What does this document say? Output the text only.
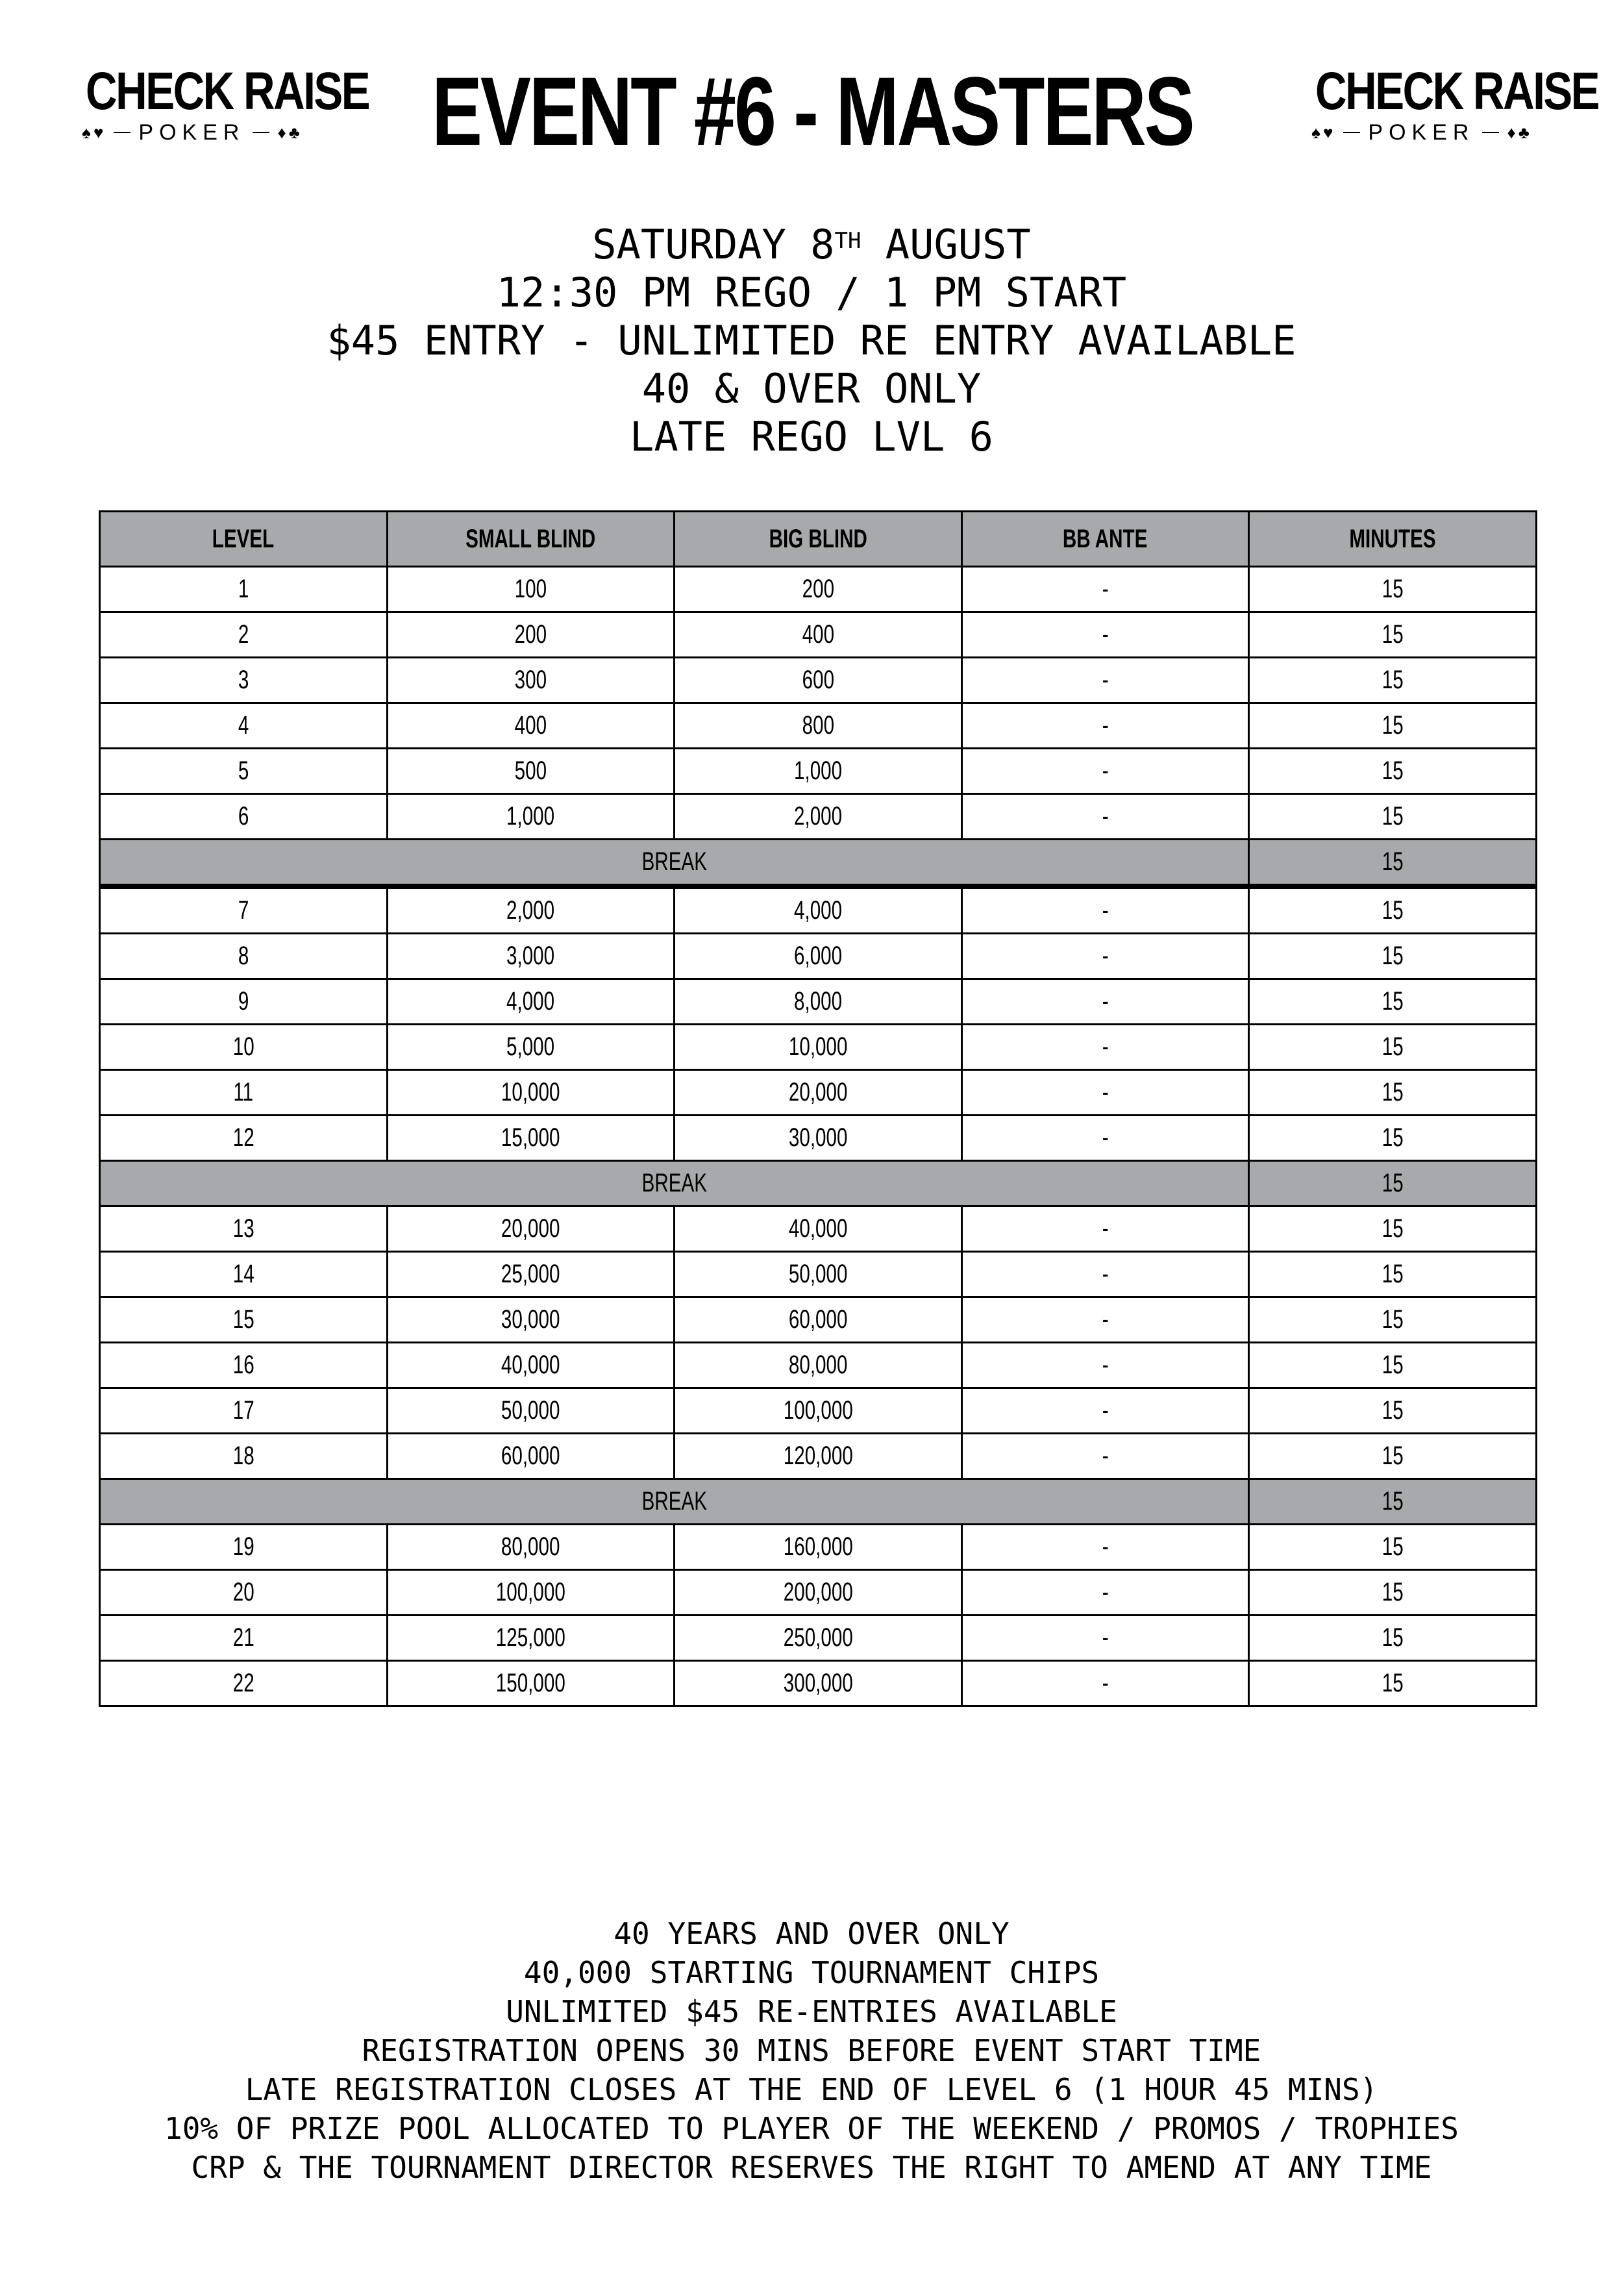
CHECK RAISE
♠♥ POKER ♦♣ EVENT #6 - MASTERS CHECK RAISE
♠♥ POKER ♦♣
SATURDAY 8TH AUGUST
12:30 PM REGO / 1 PM START
$45 ENTRY - UNLIMITED RE ENTRY AVAILABLE
40 & OVER ONLY
LATE REGO LVL 6
LEVEL	SMALL BLIND	BIG BLIND	BB ANTE	MINUTES
1	100	200	-	15
2	200	400	-	15
3	300	600	-	15
4	400	800	-	15
5	500	1,000	-	15
6	1,000	2,000	-	15
BREAK				15
7	2,000	4,000	-	15
8	3,000	6,000	-	15
9	4,000	8,000	-	15
10	5,000	10,000	-	15
11	10,000	20,000	-	15
12	15,000	30,000	-	15
BREAK				15
13	20,000	40,000	-	15
14	25,000	50,000	-	15
15	30,000	60,000	-	15
16	40,000	80,000	-	15
17	50,000	100,000	-	15
18	60,000	120,000	-	15
BREAK				15
19	80,000	160,000	-	15
20	100,000	200,000	-	15
21	125,000	250,000	-	15
22	150,000	300,000	-	15
40 YEARS AND OVER ONLY
40,000 STARTING TOURNAMENT CHIPS
UNLIMITED $45 RE-ENTRIES AVAILABLE
REGISTRATION OPENS 30 MINS BEFORE EVENT START TIME
LATE REGISTRATION CLOSES AT THE END OF LEVEL 6 (1 HOUR 45 MINS)
10% OF PRIZE POOL ALLOCATED TO PLAYER OF THE WEEKEND / PROMOS / TROPHIES
CRP & THE TOURNAMENT DIRECTOR RESERVES THE RIGHT TO AMEND AT ANY TIME
